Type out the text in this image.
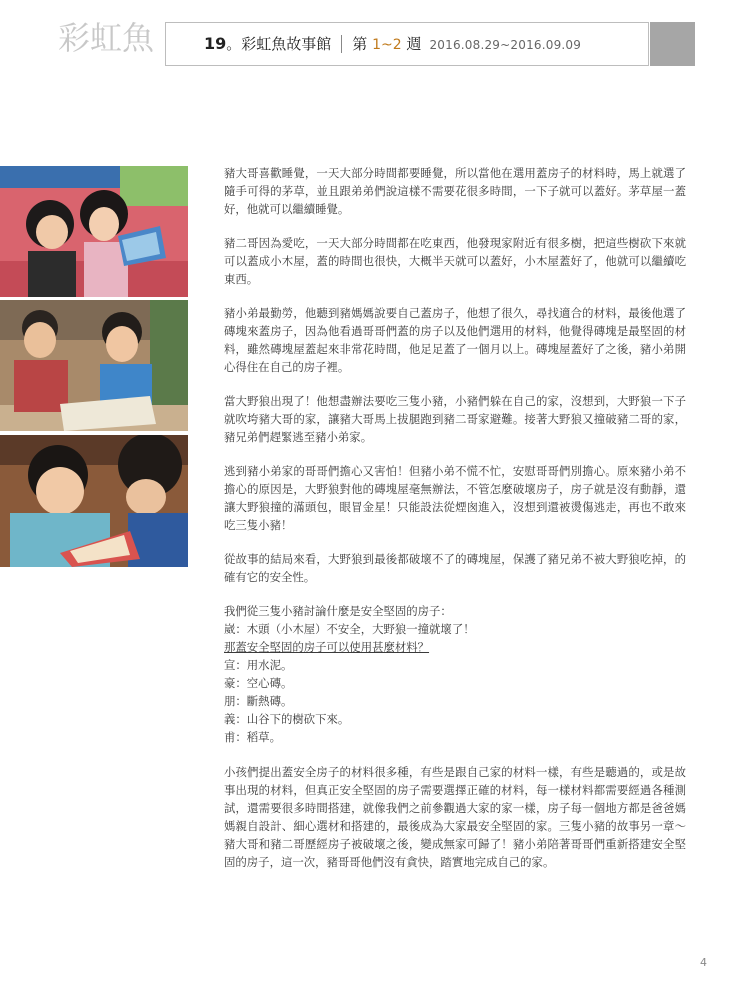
彩虹魚	19。彩虹魚故事館 第 1~2 週 2016.08.29~2016.09.09

豬大哥喜歡睡覺，一天大部分時間都要睡覺，所以當他在選用蓋房子的材料時，馬上就選了隨手可得的茅草，並且跟弟弟們說這樣不需要花很多時間，一下子就可以蓋好。茅草屋一蓋好，他就可以繼續睡覺。

豬二哥因為愛吃，一天大部分時間都在吃東西，他發現家附近有很多樹，把這些樹砍下來就可以蓋成小木屋，蓋的時間也很快，大概半天就可以蓋好，小木屋蓋好了，他就可以繼續吃東西。

豬小弟最勤勞，他聽到豬媽媽說要自己蓋房子，他想了很久，尋找適合的材料，最後他選了磚塊來蓋房子，因為他看過哥哥們蓋的房子以及他們選用的材料，他覺得磚塊是最堅固的材料，雖然磚塊屋蓋起來非常花時間，他足足蓋了一個月以上。磚塊屋蓋好了之後，豬小弟開心得住在自己的房子裡。

當大野狼出現了！他想盡辦法要吃三隻小豬，小豬們躲在自己的家，沒想到，大野狼一下子就吹垮豬大哥的家，讓豬大哥馬上拔腿跑到豬二哥家避難。接著大野狼又撞破豬二哥的家，豬兄弟們趕緊逃至豬小弟家。

逃到豬小弟家的哥哥們擔心又害怕！但豬小弟不慌不忙，安慰哥哥們別擔心。原來豬小弟不擔心的原因是，大野狼對他的磚塊屋毫無辦法，不管怎麼破壞房子，房子就是沒有動靜，還讓大野狼撞的滿頭包，眼冒金星！只能設法從煙囪進入，沒想到還被燙傷逃走，再也不敢來吃三隻小豬！

從故事的結局來看，大野狼到最後都破壞不了的磚塊屋，保護了豬兄弟不被大野狼吃掉，的確有它的安全性。

我們從三隻小豬討論什麼是安全堅固的房子：
崴：木頭（小木屋）不安全，大野狼一撞就壞了！
那蓋安全堅固的房子可以使用甚麼材料？
宣：用水泥。
豪：空心磚。
朋：斷熱磚。
義：山谷下的樹砍下來。
甫：稻草。
小孩們提出蓋安全房子的材料很多種，有些是跟自己家的材料一樣，有些是聽過的，或是故事出現的材料，但真正安全堅固的房子需要選擇正確的材料，每一樣材料都需要經過各種測試，還需要很多時間搭建，就像我們之前參觀過大家的家一樣，房子每一個地方都是爸爸媽媽親自設計、細心選材和搭建的，最後成為大家最安全堅固的家。三隻小豬的故事另一章～豬大哥和豬二哥歷經房子被破壞之後，變成無家可歸了！豬小弟陪著哥哥們重新搭建安全堅固的房子，這一次，豬哥哥他們沒有貪快，踏實地完成自己的家。
4
